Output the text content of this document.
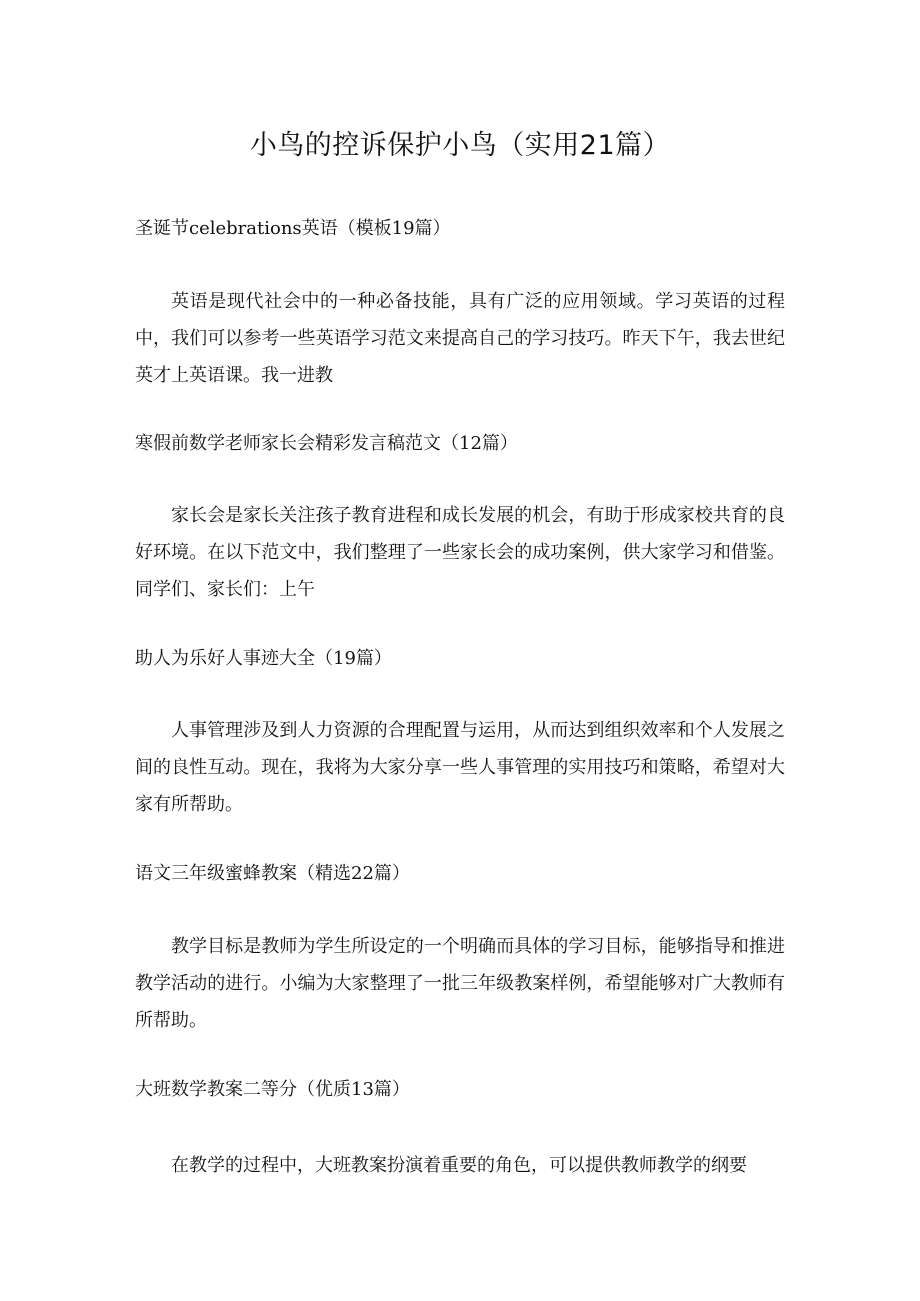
小鸟的控诉保护小鸟（实用21篇）
圣诞节celebrations英语（模板19篇）

英语是现代社会中的一种必备技能，具有广泛的应用领域。学习英语的过程中，我们可以参考一些英语学习范文来提高自己的学习技巧。昨天下午，我去世纪英才上英语课。我一进教

寒假前数学老师家长会精彩发言稿范文（12篇）

家长会是家长关注孩子教育进程和成长发展的机会，有助于形成家校共育的良好环境。在以下范文中，我们整理了一些家长会的成功案例，供大家学习和借鉴。同学们、家长们：上午

助人为乐好人事迹大全（19篇）

人事管理涉及到人力资源的合理配置与运用，从而达到组织效率和个人发展之间的良性互动。现在，我将为大家分享一些人事管理的实用技巧和策略，希望对大家有所帮助。

语文三年级蜜蜂教案（精选22篇）

教学目标是教师为学生所设定的一个明确而具体的学习目标，能够指导和推进教学活动的进行。小编为大家整理了一批三年级教案样例，希望能够对广大教师有所帮助。

大班数学教案二等分（优质13篇）

在教学的过程中，大班教案扮演着重要的角色，可以提供教师教学的纲要
